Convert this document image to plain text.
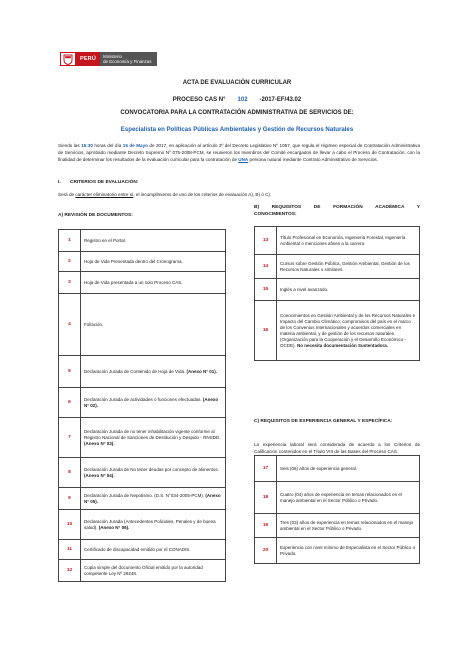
PERÚ	Ministerio
de Economía y Finanzas
ACTA DE EVALUACIÓN CURRICULAR
PROCESO CAS N° 102 -2017-EF/43.02
CONVOCATORIA PARA LA CONTRATACIÓN ADMINISTRATIVA DE SERVICIOS DE:
Especialista en Políticas Públicas Ambientales y Gestión de Recursos Naturales
Siendo las 15:30 horas del día 15 de Mayo de 2017, en aplicación al artículo 3º del Decreto Legislativo Nº 1057, que regula el régimen especial de Contratación Administrativa de Servicios, aprobado mediante Decreto Supremo Nº 075-2008-PCM, se reunieron los miembros del Comité encargados de llevar a cabo el Proceso de Contratación; con la finalidad de determinar los resultados de la evaluación curricular para la contratación de UNA persona natural mediante Contrato Administrativo de Servicios.
I.       CRITERIOS DE EVALUACIÓN:
Será de carácter eliminatorio entre sí, el incumplimiento de uno de los criterios de evaluación A), B) ó C).
A) REVISIÓN DE DOCUMENTOS:
B)    REQUISITOS    DE    FORMACIÓN    ACADÉMICA    Y CONOCIMIENTOS:
1	Registro en el Portal.
2	Hoja de Vida Presentada dentro del Cronograma.
3	Hoja de Vida presentada a un solo Proceso CAS.
4	Foliación.
5	Declaración Jurada de Contenido de Hoja de Vida. (Anexo N° 01).
6	Declaración Jurada de actividades o funciones efectuadas. (Anexo N° 02).
7	Declaración Jurada de no tener inhabilitación vigente conforme al Registro Nacional de Sanciones de Destitución y Despido - RNSDD. (Anexo N° 03).
8	Declaración Jurada de No tener deudas por concepto de alimentos. (Anexo N° 04).
9	Declaración Jurada de Nepotismo. (D.S. N°034-2005-PCM). (Anexo N° 05).
10	Declaración Jurada (Antecedentes Policiales, Penales y de buena salud). (Anexo N° 06).
11	Certificado de discapacidad emitido por el CONADIS.
12	Copia simple del documento Oficial emitido por la autoridad competente Ley Nº 29248.
13	Título Profesional en Economía, Ingeniería Forestal, Ingeniería Ambiental o menciones afines a la carrera.
14	Cursos sobre Gestión Pública, Gestión Ambiental, Gestión de los Recursos Naturales o similares.
15	Inglés a nivel avanzado.
16	Conocimientos en Gestión Ambiental y de los Recursos Naturales e Impacto del Cambio Climático; compromisos del país en el marco de los Convenios Internacionales y acuerdos comerciales en materia ambiental, y de gestión de los recursos naturales (Organización para la Cooperación y el Desarrollo Económico - OCDE). No necesita documentación Sustentadora.
C) REQUISITOS DE EXPERIENCIA GENERAL Y ESPECÍFICA:
La experiencia laboral será considerada de acuerdo a los Criterios de Calificación contenidos en el Título VIII de las Bases del Proceso CAS.
17	Seis (06) años de experiencia general.
18	Cuatro (04) años de experiencia en temas relacionados en el manejo ambiental en el Sector Público o Privado.
19	Tres (03) años de experiencia en temas relacionados en el manejo ambiental en el Sector Público o Privado.
20	Experiencia con nivel mínimo de Especialista en el Sector Público o Privado.
